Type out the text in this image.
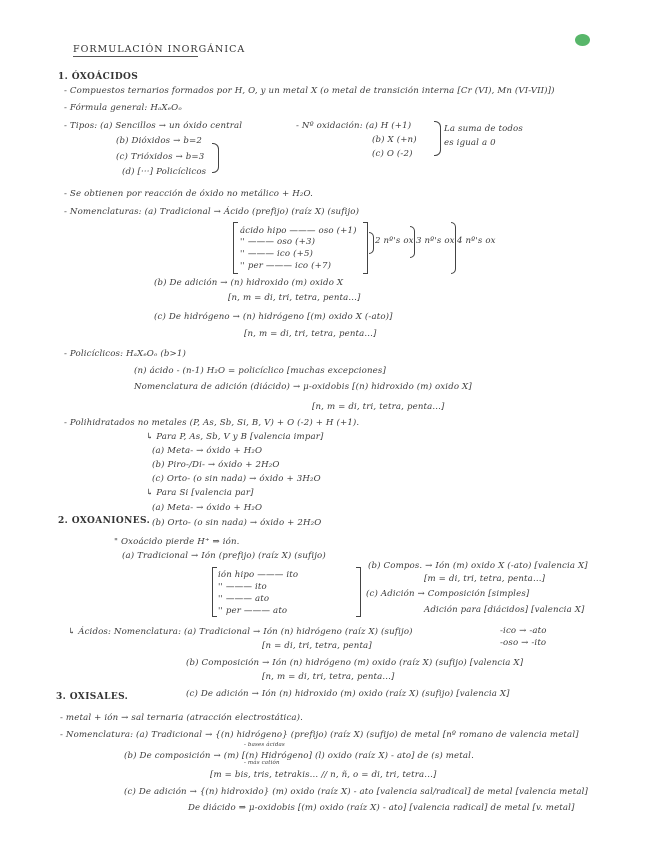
FORMULACIÓN INORGÁNICA
1. ÓXOÁCIDOS
- Compuestos ternarios formados por H, O, y un metal X (o metal de transición interna [Cr (VI), Mn (VI-VII)])
- Fórmula general: HₐXₑOₒ
- Tipos: (a) Sencillos → un óxido central	- Nº oxidación: (a) H (+1)
(b) Dióxidos → b=2	(b) X (+n)
La suma de todos
(c) Trióxidos → b=3
es igual a 0
(c) O (-2)
(d) [···] Policíclicos
- Se obtienen por reacción de óxido no metálico + H₂O.
- Nomenclaturas: (a) Tradicional → Ácido (prefijo) (raíz X) (sufijo)
ácido hipo ——— oso (+1)
'' ——— oso (+3)
'' ——— ico (+5)
'' per ——— ico (+7)
2 nº's ox 3 nº's ox 4 nº's ox
(b) De adición → (n) hidroxido (m) oxido X
[n, m = di, tri, tetra, penta...]
(c) De hidrógeno → (n) hidrógeno [(m) oxido X (-ato)]
[n, m = di, tri, tetra, penta...]
- Policíclicos: HₐXₑOₒ (b>1)
(n) ácido - (n-1) H₂O = policíclico [muchas excepciones]
Nomenclatura de adición (diácido) → μ-oxidobis [(n) hidroxido (m) oxido X]
[n, m = di, tri, tetra, penta...]
- Polihidratados no metales (P, As, Sb, Si, B, V) + O (-2) + H (+1).
↳ Para P, As, Sb, V y B [valencia impar]
(a) Meta- → óxido + H₂O
(b) Piro-/Di- → óxido + 2H₂O
(c) Orto- (o sin nada) → óxido + 3H₂O
↳ Para Si [valencia par]
(a) Meta- → óxido + H₂O
(b) Orto- (o sin nada) → óxido + 2H₂O
2. OXOANIONES.
" Oxoácido pierde H⁺ ⇒ ión.
(a) Tradicional → Ión (prefijo) (raíz X) (sufijo)
(b) Compos. → Ión (m) oxido X (-ato) [valencia X]
ión hipo ——— ito	[m = di, tri, tetra, penta...]
'' ——— ito
(c) Adición → Composición [simples]
'' ——— ato
Adición para [diácidos] [valencia X]
'' per ——— ato
↳ Ácidos: Nomenclatura: (a) Tradicional → Ión (n) hidrógeno (raíz X) (sufijo)	-ico → -ato
[n = di, tri, tetra, penta]	-oso → -ito
(b) Composición → Ión (n) hidrógeno (m) oxido (raíz X) (sufijo) [valencia X]
[n, m = di, tri, tetra, penta...]
(c) De adición → Ión (n) hidroxido (m) oxido (raíz X) (sufijo) [valencia X]
3. OXISALES.
- metal + ión → sal ternaria (atracción electrostática).
- Nomenclatura: (a) Tradicional → {(n) hidrógeno} (prefijo) (raíz X) (sufijo) de metal [nº romano de valencia metal]
- bases ácidas
- más catión
(b) De composición → (m) [(n) Hidrógeno] (l) oxido (raíz X) - ato] de (s) metal.
[m = bis, tris, tetrakis... // n, ñ, o = di, tri, tetra...]
(c) De adición → {(n) hidroxido} (m) oxido (raíz X) - ato [valencia sal/radical] de metal [valencia metal]
De diácido ⇒ μ-oxidobis [(m) oxido (raíz X) - ato] [valencia radical] de metal [v. metal]
